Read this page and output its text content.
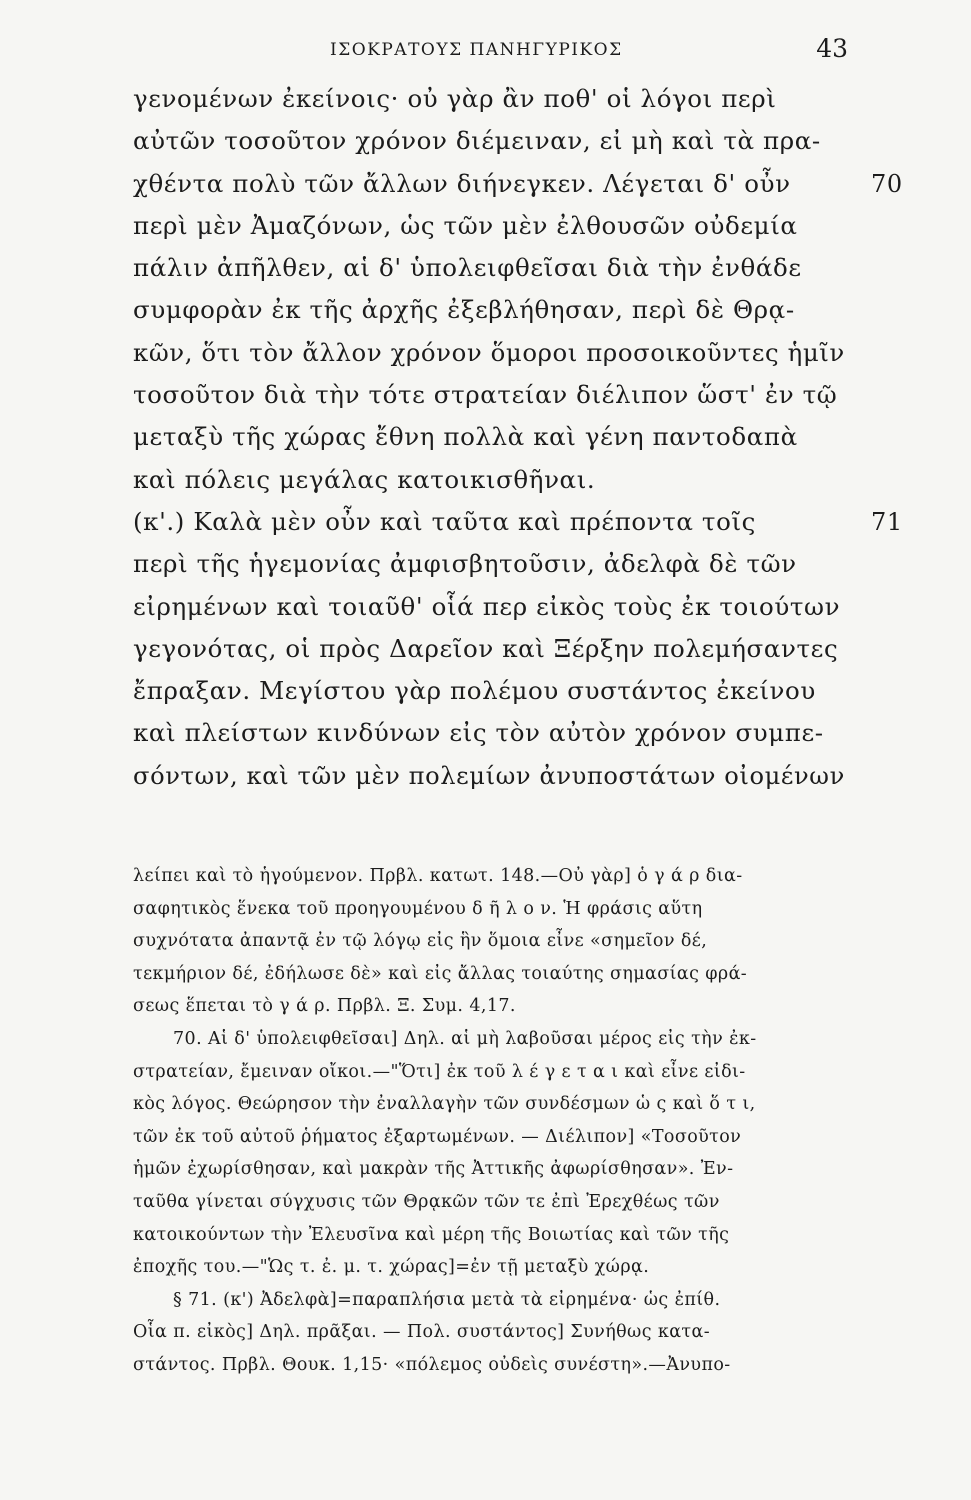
ΙΣΟΚΡΑΤΟΥΣ ΠΑΝΗΓΥΡΙΚΟΣ	43
γενομένων ἐκείνοις· οὐ γὰρ ἂν ποθ' οἱ λόγοι περὶ
αὐτῶν τοσοῦτον χρόνον διέμειναν, εἰ μὴ καὶ τὰ πρα-
χθέντα πολὺ τῶν ἄλλων διήνεγκεν. Λέγεται δ' οὖν	70
περὶ μὲν Ἀμαζόνων, ὡς τῶν μὲν ἐλθουσῶν οὐδεμία
πάλιν ἀπῆλθεν, αἱ δ' ὑπολειφθεῖσαι διὰ τὴν ἐνθάδε
συμφορὰν ἐκ τῆς ἀρχῆς ἐξεβλήθησαν, περὶ δὲ Θρᾳ-
κῶν, ὅτι τὸν ἄλλον χρόνον ὅμοροι προσοικοῦντες ἡμῖν
τοσοῦτον διὰ τὴν τότε στρατείαν διέλιπον ὥστ' ἐν τῷ
μεταξὺ τῆς χώρας ἔθνη πολλὰ καὶ γένη παντοδαπὰ
καὶ πόλεις μεγάλας κατοικισθῆναι.
(κ'.) Καλὰ μὲν οὖν καὶ ταῦτα καὶ πρέποντα τοῖς	71
περὶ τῆς ἡγεμονίας ἀμφισβητοῦσιν, ἀδελφὰ δὲ τῶν
εἰρημένων καὶ τοιαῦθ' οἷά περ εἰκὸς τοὺς ἐκ τοιούτων
γεγονότας, οἱ πρὸς Δαρεῖον καὶ Ξέρξην πολεμήσαντες
ἔπραξαν. Μεγίστου γὰρ πολέμου συστάντος ἐκείνου
καὶ πλείστων κινδύνων εἰς τὸν αὐτὸν χρόνον συμπε-
σόντων, καὶ τῶν μὲν πολεμίων ἀνυποστάτων οἰομένων
λείπει καὶ τὸ ἡγούμενον. Πρβλ. κατωτ. 148.—Οὐ γὰρ] ὁ γ ά ρ δια-
σαφητικὸς ἕνεκα τοῦ προηγουμένου δ ῆ λ ο ν. Ἡ φράσις αὕτη
συχνότατα ἀπαντᾷ ἐν τῷ λόγῳ εἰς ἣν ὅμοια εἶνε «σημεῖον δέ,
τεκμήριον δέ, ἐδήλωσε δὲ» καὶ εἰς ἄλλας τοιαύτης σημασίας φρά-
σεως ἕπεται τὸ γ ά ρ. Πρβλ. Ξ. Συμ. 4,17.
70. Αἱ δ' ὑπολειφθεῖσαι] Δηλ. αἱ μὴ λαβοῦσαι μέρος εἰς τὴν ἐκ-
στρατείαν, ἔμειναν οἴκοι.—"Ὅτι] ἐκ τοῦ λ έ γ ε τ α ι καὶ εἶνε εἰδι-
κὸς λόγος. Θεώρησον τὴν ἐναλλαγὴν τῶν συνδέσμων ὡ ς καὶ ὅ τ ι,
τῶν ἐκ τοῦ αὐτοῦ ῥήματος ἐξαρτωμένων. — Διέλιπον] «Τοσοῦτον
ἡμῶν ἐχωρίσθησαν, καὶ μακρὰν τῆς Ἀττικῆς ἀφωρίσθησαν». Ἐν-
ταῦθα γίνεται σύγχυσις τῶν Θρᾳκῶν τῶν τε ἐπὶ Ἐρεχθέως τῶν
κατοικούντων τὴν Ἐλευσῖνα καὶ μέρη τῆς Βοιωτίας καὶ τῶν τῆς
ἐποχῆς του.—"Ὡς τ. ἐ. μ. τ. χώρας]=ἐν τῇ μεταξὺ χώρᾳ.
§ 71. (κ') Ἀδελφὰ]=παραπλήσια μετὰ τὰ εἰρημένα· ὡς ἐπίθ.
Οἷα π. εἰκὸς] Δηλ. πρᾶξαι. — Πολ. συστάντος] Συνήθως κατα-
στάντος. Πρβλ. Θουκ. 1,15· «πόλεμος οὐδεὶς συνέστη».—Ἀνυπο-
